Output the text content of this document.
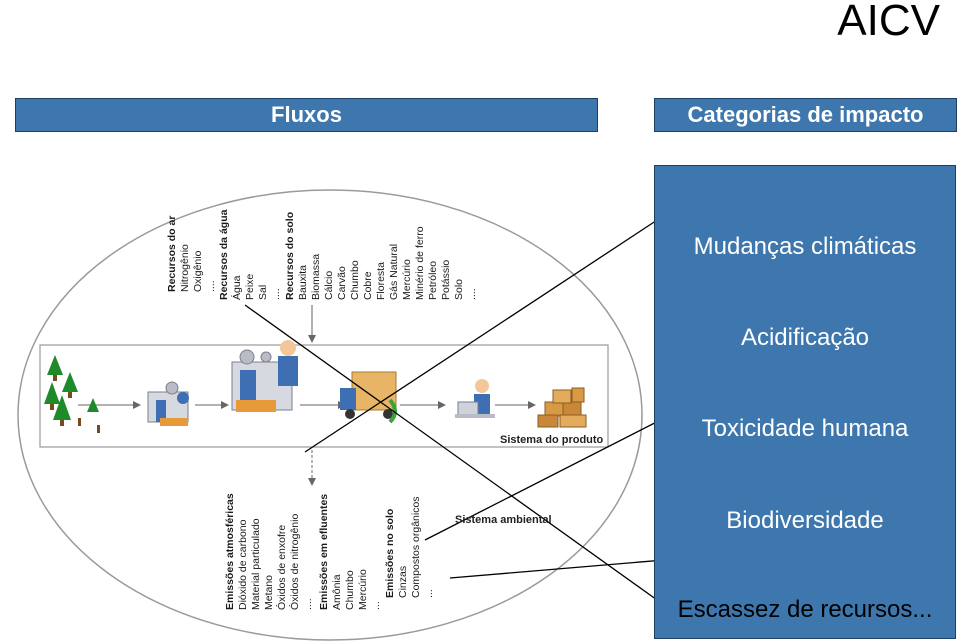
AICV
Fluxos	Categorias de impacto
Mudanças climáticas
Acidificação
Toxicidade humana
Biodiversidade
Escassez de recursos...
Recursos do ar Nitrogênio Oxigênio .... Recursos da água Água Peixe Sal .... Recursos do solo Bauxita Biomassa Cálcio Carvão Chumbo Cobre Floresta Gás Natural Mercúrio Minério de ferro Petróleo Potássio Solo ....
Emissões atmosféricas Dióxido de carbono Material particulado Metano Óxidos de enxofre Óxidos de nitrogênio .... Emissões em efluentes Amônia Chumbo Mercúrio ...
Emissões no solo Cinzas Compostos orgânicos ...
Sistema do produto
Sistema ambiental
